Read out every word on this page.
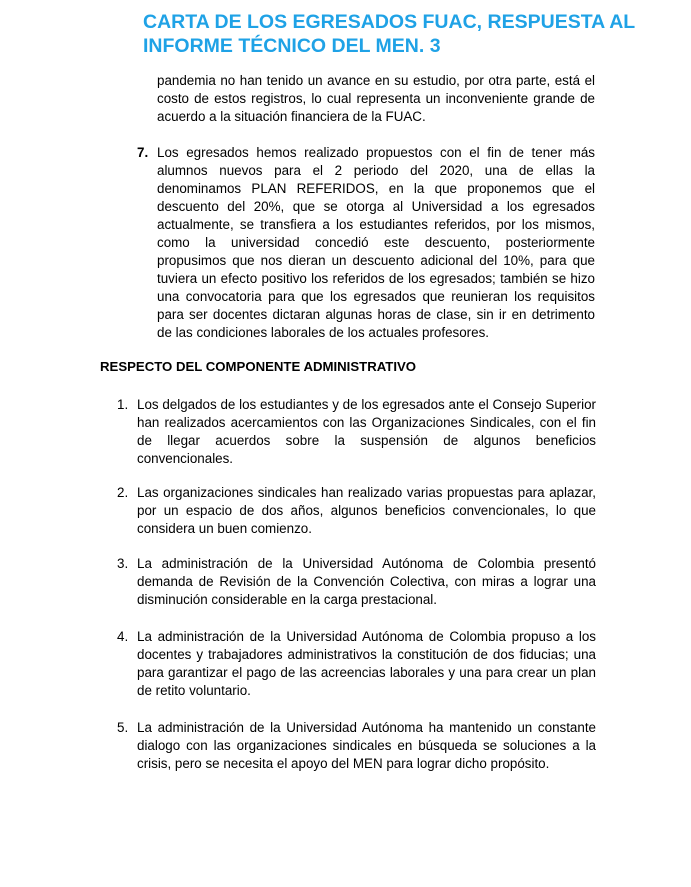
CARTA DE LOS EGRESADOS FUAC, RESPUESTA AL INFORME TÉCNICO DEL MEN. 3
pandemia no han tenido un avance en su estudio, por otra parte, está el costo de estos registros, lo cual representa un inconveniente grande de acuerdo a la situación financiera de la FUAC.
7. Los egresados hemos realizado propuestos con el fin de tener más alumnos nuevos para el 2 periodo del 2020, una de ellas la denominamos PLAN REFERIDOS, en la que proponemos que el descuento del 20%, que se otorga al Universidad a los egresados actualmente, se transfiera a los estudiantes referidos, por los mismos, como la universidad concedió este descuento, posteriormente propusimos que nos dieran un descuento adicional del 10%, para que tuviera un efecto positivo los referidos de los egresados; también se hizo una convocatoria para que los egresados que reunieran los requisitos para ser docentes dictaran algunas horas de clase, sin ir en detrimento de las condiciones laborales de los actuales profesores.
RESPECTO DEL COMPONENTE ADMINISTRATIVO
1. Los delgados de los estudiantes y de los egresados ante el Consejo Superior han realizados acercamientos con las Organizaciones Sindicales, con el fin de llegar acuerdos sobre la suspensión de algunos beneficios convencionales.
2. Las organizaciones sindicales han realizado varias propuestas para aplazar, por un espacio de dos años, algunos beneficios convencionales, lo que considera un buen comienzo.
3. La administración de la Universidad Autónoma de Colombia presentó demanda de Revisión de la Convención Colectiva, con miras a lograr una disminución considerable en la carga prestacional.
4. La administración de la Universidad Autónoma de Colombia propuso a los docentes y trabajadores administrativos la constitución de dos fiducias; una para garantizar el pago de las acreencias laborales y una para crear un plan de retito voluntario.
5. La administración de la Universidad Autónoma ha mantenido un constante dialogo con las organizaciones sindicales en búsqueda se soluciones a la crisis, pero se necesita el apoyo del MEN para lograr dicho propósito.
